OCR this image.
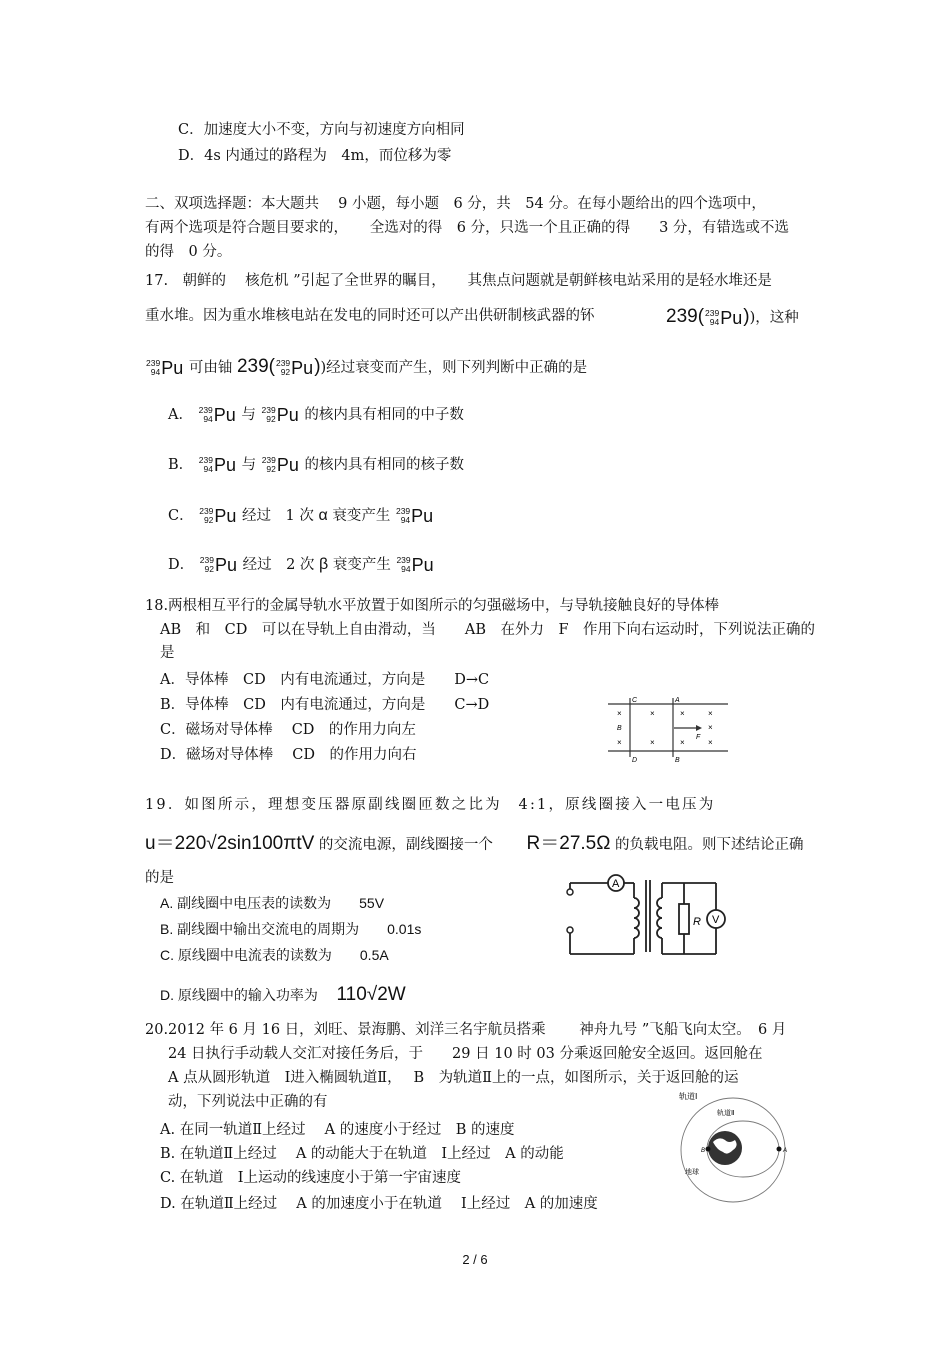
C．加速度大小不变，方向与初速度方向相同
D．4s 内通过的路程为　4m，而位移为零
二、双项选择题：本大题共　 9 小题，每小题　6 分，共　54 分。在每小题给出的四个选项中，
有两个选项是符合题目要求的，　　全选对的得　6 分，只选一个且正确的得　　3 分，有错选或不选
的得　0 分。
17.　朝鲜的　 核危机 ”引起了全世界的瞩目，　　其焦点问题就是朝鲜核电站采用的是轻水堆还是
重水堆。因为重水堆核电站在发电的同时还可以产出供研制核武器的钚	239( 239
94 Pu))，这种
239
94 Pu 可由铀 239( 239
92 Pu))经过衰变而产生，则下列判断中正确的是
A． 239
94 Pu 与 239
92 Pu 的核内具有相同的中子数
B． 239
94 Pu 与 239
92 Pu 的核内具有相同的核子数
C． 239
92 Pu 经过　1 次 α 衰变产生 239
94 Pu
D． 239
92 Pu 经过　2 次 β 衰变产生 239
94 Pu
18.两根相互平行的金属导轨水平放置于如图所示的匀强磁场中，与导轨接触良好的导体棒
AB　和　CD　可以在导轨上自由滑动，当　　AB　在外力　F　作用下向右运动时，下列说法正确的
是
A．导体棒　CD　内有电流通过，方向是　　D→C
B．导体棒　CD　内有电流通过，方向是　　C→D
C．磁场对导体棒　 CD　的作用力向左
D．磁场对导体棒　 CD　的作用力向右
C	A
B
F
D	B
×	×	×	×
×
×	×	×	×
19．如图所示，理想变压器原副线圈匝数之比为　4:1，原线圈接入一电压为
u＝220√2sin100πtV 的交流电源，副线圈接一个　　 R＝27.5Ω 的负载电阻。则下述结论正确
的是
A. 副线圈中电压表的读数为　　55V
B. 副线圈中输出交流电的周期为　　0.01s
C. 原线圈中电流表的读数为　　0.5A
D. 原线圈中的输入功率为 110√2W
A
R V
20.2012 年 6 月 16 日，刘旺、景海鹏、刘洋三名宇航员搭乘　　 神舟九号 ”飞船飞向太空。　6 月
24 日执行手动载人交汇对接任务后，于　　29 日 10 时 03 分乘返回舱安全返回。返回舱在
A 点从圆形轨道　Ⅰ进入椭圆轨道Ⅱ，　 B　为轨道Ⅱ上的一点，如图所示，关于返回舱的运
动，下列说法中正确的有
A. 在同一轨道Ⅱ上经过　 A 的速度小于经过　B 的速度
B. 在轨道Ⅱ上经过　 A 的动能大于在轨道　Ⅰ上经过　A 的动能
C. 在轨道　Ⅰ上运动的线速度小于第一宇宙速度
D. 在轨道Ⅱ上经过　 A 的加速度小于在轨道　 Ⅰ上经过　A 的加速度
B	A
轨道Ⅰ
轨道Ⅱ
地球
2 / 6
